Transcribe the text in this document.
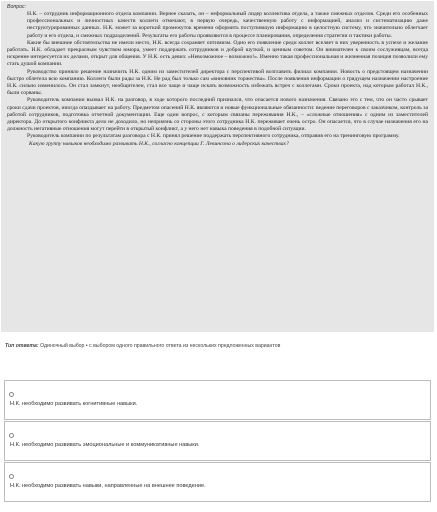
Вопрос:

Н.К. – сотрудник информационного отдела компании. Вернее сказать, он – неформальный лидер коллектива отдела, а также смежных отделов. Среди его особенных профессиональных и личностных качеств коллеги отмечают, в первую очередь, качественную работу с информацией, анализ и систематизацию даже неструктурированных данных. Н.К. может за короткий промежуток времени оформить поступившую информацию в целостную систему, что значительно облегчает работу и его отдела, и смежных подразделений. Результаты его работы проявляются в процессе планирования, определения стратегии и тактики работы.

Какие бы внешние обстоятельства не имели место, Н.К. всегда сохраняет оптимизм. Одно его появление среди коллег вселяет в них уверенность в успехе и желание работать. Н.К. обладает прекрасным чувством юмора, умеет поддержать сотрудников и доброй шуткой, и ценным советом. Он внимателен к своим сослуживцам, всегда искренне интересуется их делами, открыт для общения. У Н.К. есть девиз: «Невозможное – возможно!». Именно такая профессиональная и жизненная позиция позволили ему стать душой компании.

Руководство приняло решение назначить Н.К. одним из заместителей директора с перспективой возглавить филиал компании. Новость о предстоящем назначении быстро облетела всю компанию. Коллеги были рады за Н.К. Не рад был только сам «виновник торжества». После появления информации о грядущем назначении настроение Н.К. сильно изменилось. Он стал замкнут, необщителен, стал все чаще и чаще искать возможность избежать встреч с коллегами. Сроки проекта, над которым работал Н.К., были сорваны.

Руководитель компании вызвал Н.К. на разговор, в ходе которого последний признался, что опасается нового назначения. Связано это с тем, что он часто срывает сроки сдачи проектов, иногда опаздывает на работу. Предметом опасений Н.К. являются и новые функциональные обязанности: ведение переговоров с заказчиком, контроль за работой сотрудников, подготовка отчетной документации. Еще один вопрос, с которым связаны переживания Н.К., – «сложные отношения» с одним из заместителей директора. До открытого конфликта дело не доходило, но неприязнь со стороны этого сотрудника Н.К. переживает очень остро. Он опасается, что в случае назначения его на должность негативные отношения могут перейти в открытый конфликт, а у него нет навыка поведения в подобной ситуации.

Руководитель компании по результатам разговора с Н.К. принял решение поддержать перспективного сотрудника, отправив его на тренинговую программу.

Какую группу навыков необходимо развивать Н.К., согласно концепции Г. Левинсона о лидерских качествах?

Тип ответа: Одиночный выбор • с выбором одного правильного ответа из нескольких предложенных вариантов
Н.К. необходимо развивать когнитивные навыки.
Н.К. необходимо развивать эмоциональные и коммуникативные навыки.
Н.К. необходимо развивать навыки, направленные на внешнее поведение.
